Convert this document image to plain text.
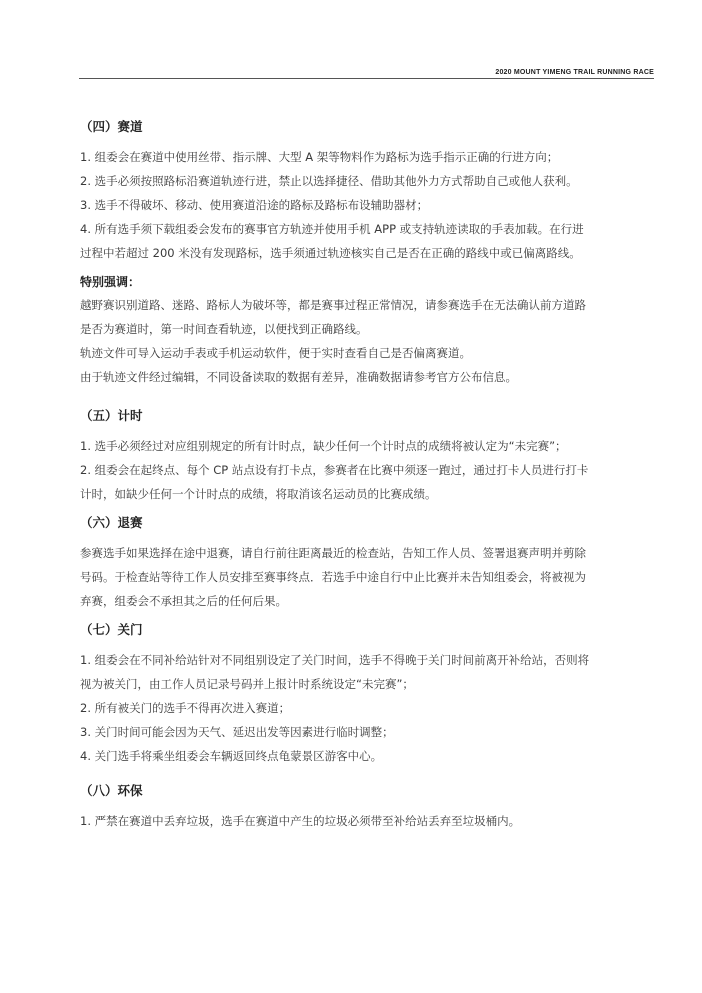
2020 MOUNT YIMENG TRAIL RUNNING RACE
（四）赛道

1. 组委会在赛道中使用丝带、指示牌、大型 A 架等物料作为路标为选手指示正确的行进方向；

2. 选手必须按照路标沿赛道轨迹行进，禁止以选择捷径、借助其他外力方式帮助自己或他人获利。

3. 选手不得破坏、移动、使用赛道沿途的路标及路标布设辅助器材；

4. 所有选手须下载组委会发布的赛事官方轨迹并使用手机 APP 或支持轨迹读取的手表加载。在行进
过程中若超过 200 米没有发现路标，选手须通过轨迹核实自己是否在正确的路线中或已偏离路线。

特别强调：

越野赛识别道路、迷路、路标人为破坏等，都是赛事过程正常情况，请参赛选手在无法确认前方道路
是否为赛道时，第一时间查看轨迹，以便找到正确路线。

轨迹文件可导入运动手表或手机运动软件，便于实时查看自己是否偏离赛道。

由于轨迹文件经过编辑，不同设备读取的数据有差异，准确数据请参考官方公布信息。

（五）计时

1. 选手必须经过对应组别规定的所有计时点，缺少任何一个计时点的成绩将被认定为“未完赛”；

2. 组委会在起终点、每个 CP 站点设有打卡点，参赛者在比赛中须逐一跑过，通过打卡人员进行打卡
计时，如缺少任何一个计时点的成绩，将取消该名运动员的比赛成绩。

（六）退赛

参赛选手如果选择在途中退赛，请自行前往距离最近的检查站，告知工作人员、签署退赛声明并剪除
号码。于检查站等待工作人员安排至赛事终点．若选手中途自行中止比赛并未告知组委会，将被视为
弃赛，组委会不承担其之后的任何后果。

（七）关门

1. 组委会在不同补给站针对不同组别设定了关门时间，选手不得晚于关门时间前离开补给站，否则将
视为被关门，由工作人员记录号码并上报计时系统设定“未完赛”；

2. 所有被关门的选手不得再次进入赛道；

3. 关门时间可能会因为天气、延迟出发等因素进行临时调整；

4. 关门选手将乘坐组委会车辆返回终点龟蒙景区游客中心。

（八）环保

1. 严禁在赛道中丢弃垃圾，选手在赛道中产生的垃圾必须带至补给站丢弃至垃圾桶内。
